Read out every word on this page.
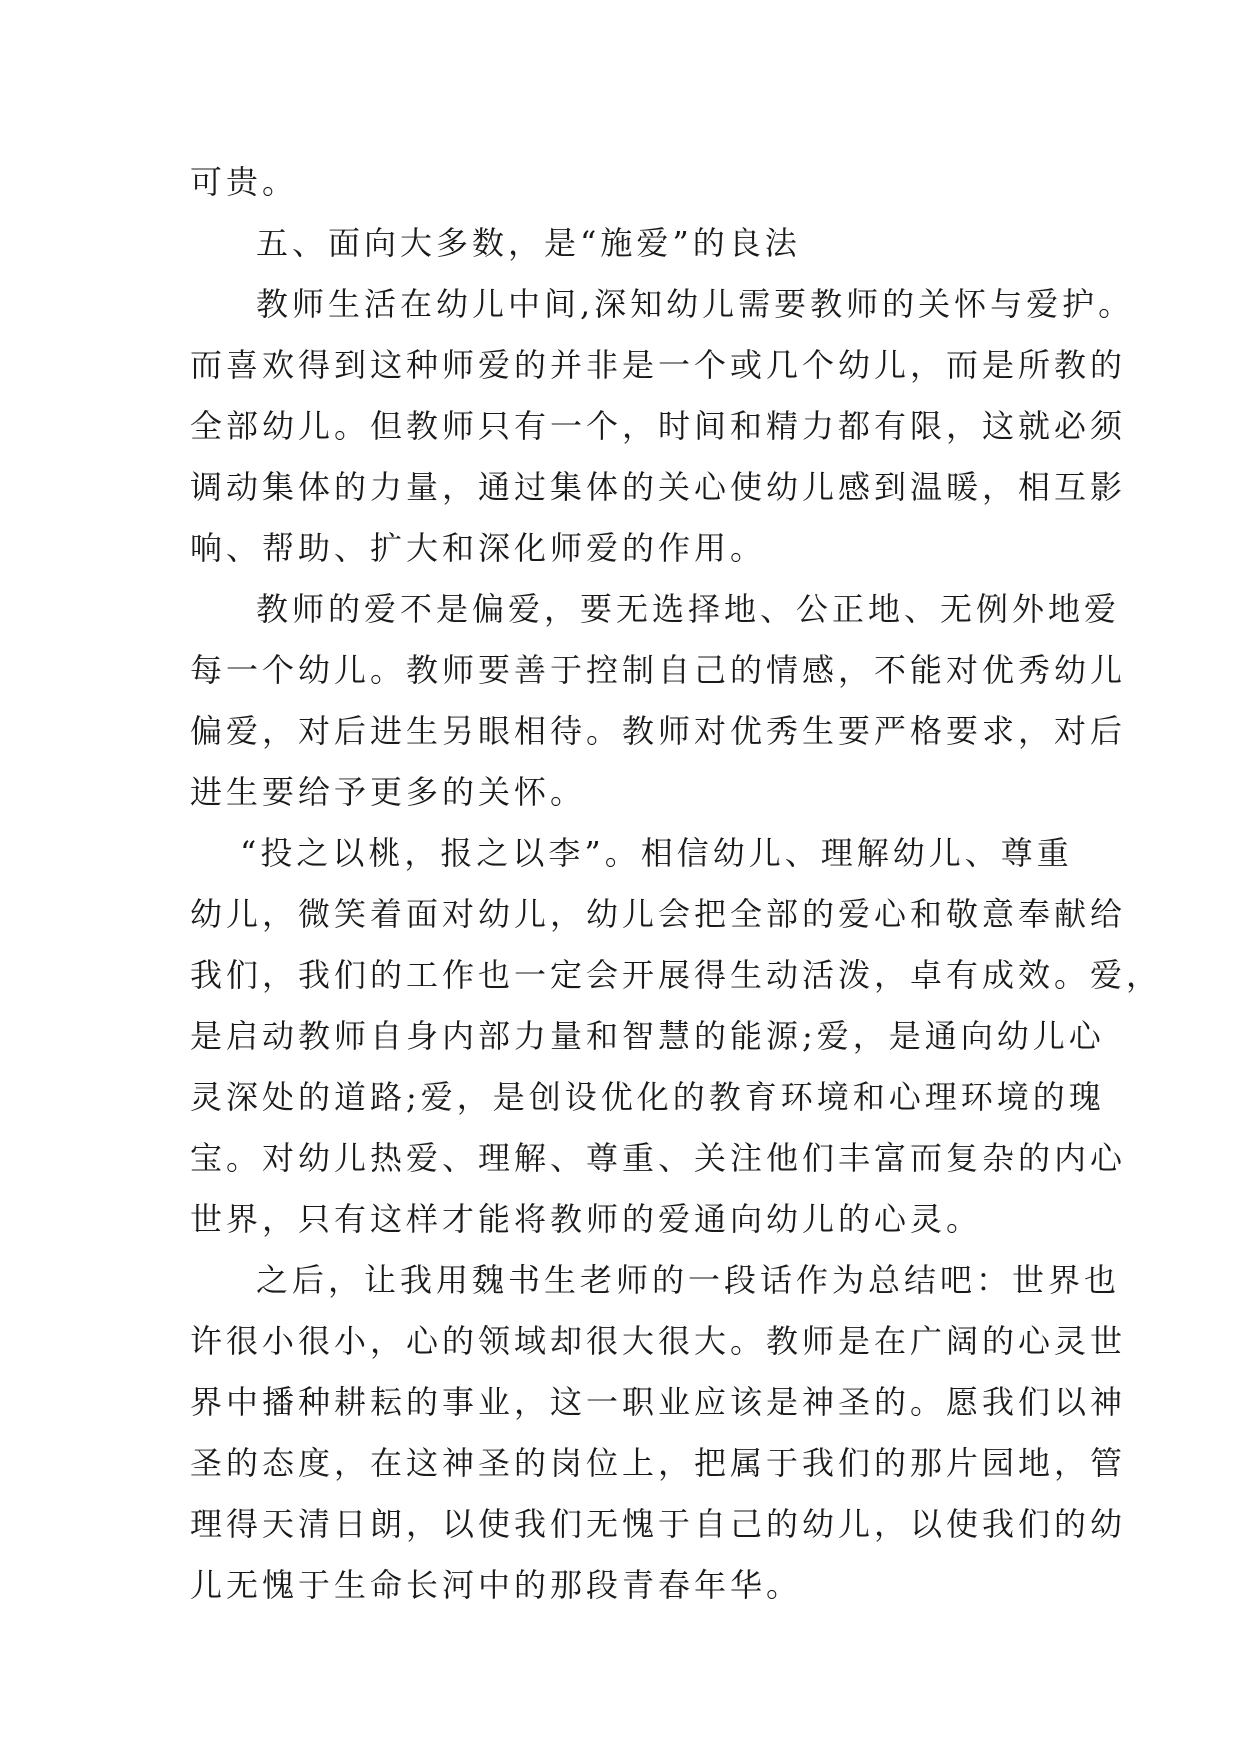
可贵。
五、面向大多数，是“施爱”的良法
教师生活在幼儿中间,深知幼儿需要教师的关怀与爱护。
而喜欢得到这种师爱的并非是一个或几个幼儿，而是所教的
全部幼儿。但教师只有一个，时间和精力都有限，这就必须
调动集体的力量，通过集体的关心使幼儿感到温暖，相互影
响、帮助、扩大和深化师爱的作用。
教师的爱不是偏爱，要无选择地、公正地、无例外地爱
每一个幼儿。教师要善于控制自己的情感，不能对优秀幼儿
偏爱，对后进生另眼相待。教师对优秀生要严格要求，对后
进生要给予更多的关怀。
“投之以桃，报之以李”。相信幼儿、理解幼儿、尊重
幼儿，微笑着面对幼儿，幼儿会把全部的爱心和敬意奉献给
我们，我们的工作也一定会开展得生动活泼，卓有成效。爱，
是启动教师自身内部力量和智慧的能源;爱，是通向幼儿心
灵深处的道路;爱，是创设优化的教育环境和心理环境的瑰
宝。对幼儿热爱、理解、尊重、关注他们丰富而复杂的内心
世界，只有这样才能将教师的爱通向幼儿的心灵。
之后，让我用魏书生老师的一段话作为总结吧：世界也
许很小很小，心的领域却很大很大。教师是在广阔的心灵世
界中播种耕耘的事业，这一职业应该是神圣的。愿我们以神
圣的态度，在这神圣的岗位上，把属于我们的那片园地，管
理得天清日朗，以使我们无愧于自己的幼儿，以使我们的幼
儿无愧于生命长河中的那段青春年华。
